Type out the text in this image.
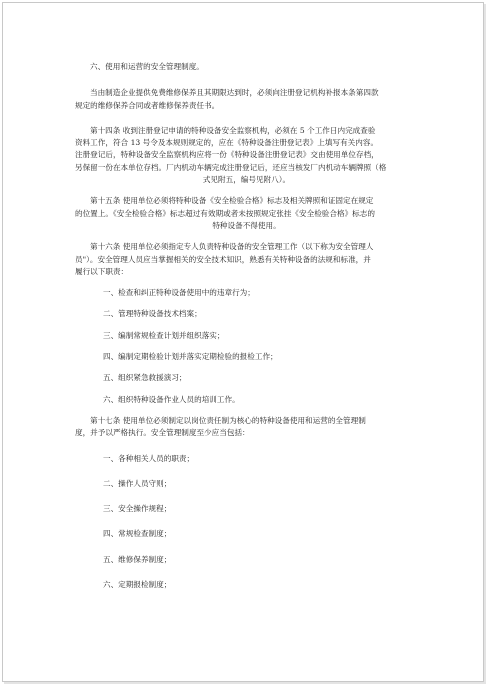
六、使用和运营的安全管理制度。
当由制造企业提供免费维修保养且其期限达到时，必须向注册登记机构补报本条第四款
规定的维修保养合同或者维修保养责任书。
第十四条 收到注册登记申请的特种设备安全监察机构，必须在 5 个工作日内完成查验
资料工作，符合 13 号令及本规则规定的，应在《特种设备注册登记表》上填写有关内容。
注册登记后，特种设备安全监察机构应将一份《特种设备注册登记表》交由使用单位存档，
另保留一份在本单位存档。厂内机动车辆完成注册登记后，还应当核发厂内机动车辆牌照（格
式见附五，编号见附八）。
第十五条 使用单位必须将特种设备《安全检验合格》标志及相关牌照和证固定在规定
的位置上。《安全检验合格》标志超过有效期或者未按照规定张挂《安全检验合格》标志的
特种设备不得使用。
第十六条 使用单位必须指定专人负责特种设备的安全管理工作（以下称为安全管理人
员"）。安全管理人员应当掌握相关的安全技术知识，熟悉有关特种设备的法规和标准，并
履行以下职责：
一、检查和纠正特种设备使用中的违章行为；
二、管理特种设备技术档案；
三、编制常规检查计划并组织落实；
四、编制定期检验计划并落实定期检验的报检工作；
五、组织紧急救援演习；
六、组织特种设备作业人员的培训工作。
第十七条 使用单位必须制定以岗位责任制为核心的特种设备使用和运营的全管理制
度，并予以严格执行。安全管理制度至少应当包括：
一、各种相关人员的职责；
二、操作人员守则；
三、安全操作规程；
四、常规检查制度；
五、维修保养制度；
六、定期报检制度；
